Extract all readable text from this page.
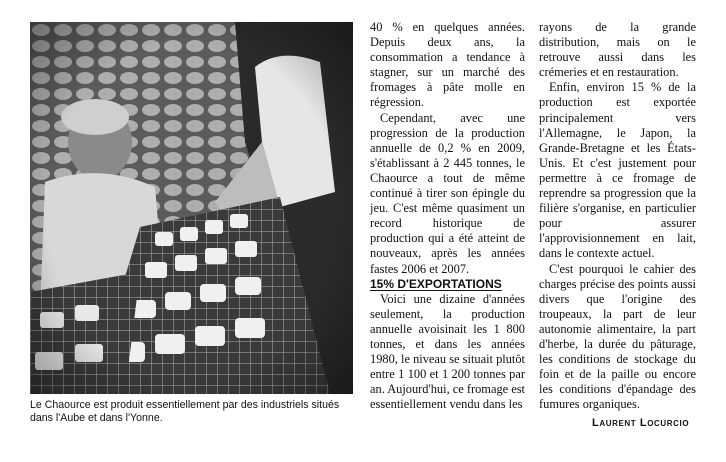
Le Chaource est produit essentiellement par des industriels situés dans l'Aube et dans l'Yonne.

40 % en quelques années. Depuis deux ans, la consommation a tendance à stagner, sur un marché des fromages à pâte molle en régression.

Cependant, avec une progression de la production annuelle de 0,2 % en 2009, s'établissant à 2 445 tonnes, le Chaource a tout de même continué à tirer son épingle du jeu. C'est même quasiment un record historique de production qui a été atteint de nouveaux, après les années fastes 2006 et 2007.

15% D'EXPORTATIONS

Voici une dizaine d'années seulement, la production annuelle avoisinait les 1 800 tonnes, et dans les années 1980, le niveau se situait plutôt entre 1 100 et 1 200 tonnes par an. Aujourd'hui, ce fromage est essentiellement vendu dans les

rayons de la grande distribution, mais on le retrouve aussi dans les crémeries et en restauration.

Enfin, environ 15 % de la production est exportée principalement vers l'Allemagne, le Japon, la Grande-Bretagne et les États-Unis. Et c'est justement pour permettre à ce fromage de reprendre sa progression que la filière s'organise, en particulier pour assurer l'approvisionnement en lait, dans le contexte actuel.

C'est pourquoi le cahier des charges précise des points aussi divers que l'origine des troupeaux, la part de leur autonomie alimentaire, la part d'herbe, la durée du pâturage, les conditions de stockage du foin et de la paille ou encore les conditions d'épandage des fumures organiques.

Laurent Locurcio
